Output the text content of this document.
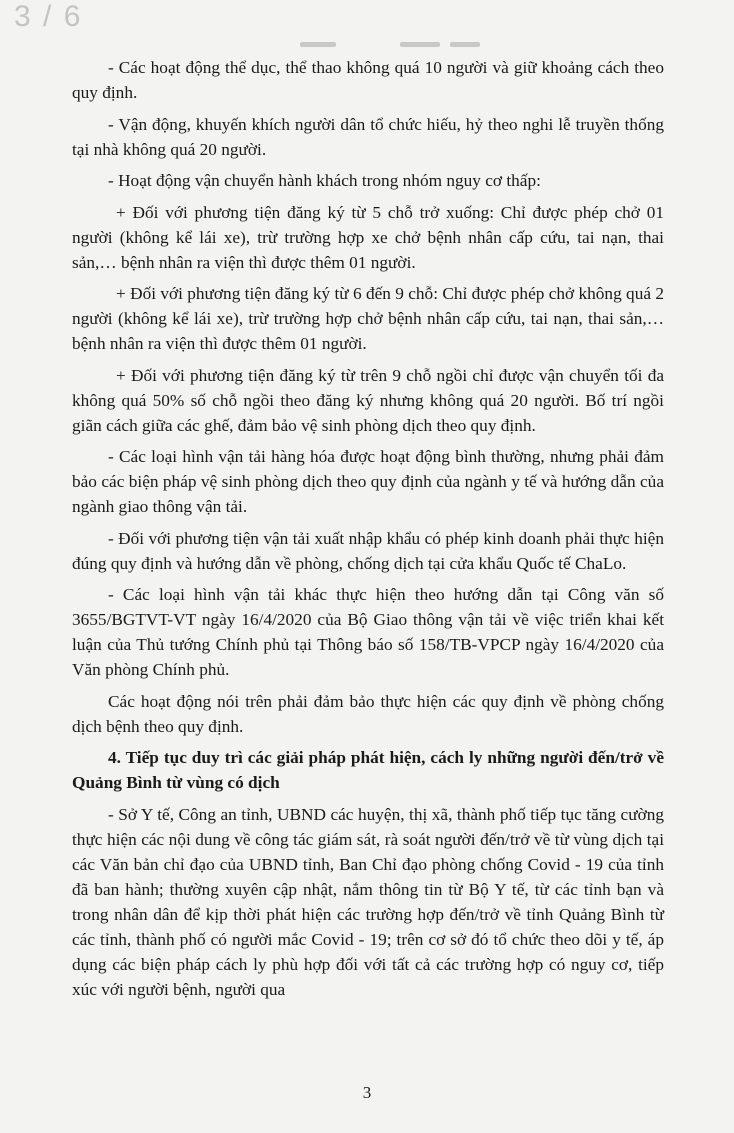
3 / 6

- Các hoạt động thể dục, thể thao không quá 10 người và giữ khoảng cách theo quy định.

- Vận động, khuyến khích người dân tổ chức hiếu, hỷ theo nghi lễ truyền thống tại nhà không quá 20 người.

- Hoạt động vận chuyển hành khách trong nhóm nguy cơ thấp:

+ Đối với phương tiện đăng ký từ 5 chỗ trở xuống: Chỉ được phép chở 01 người (không kể lái xe), trừ trường hợp xe chở bệnh nhân cấp cứu, tai nạn, thai sản,… bệnh nhân ra viện thì được thêm 01 người.

+ Đối với phương tiện đăng ký từ 6 đến 9 chỗ: Chỉ được phép chở không quá 2 người (không kể lái xe), trừ trường hợp chở bệnh nhân cấp cứu, tai nạn, thai sản,… bệnh nhân ra viện thì được thêm 01 người.

+ Đối với phương tiện đăng ký từ trên 9 chỗ ngồi chỉ được vận chuyển tối đa không quá 50% số chỗ ngồi theo đăng ký nhưng không quá 20 người. Bố trí ngồi giãn cách giữa các ghế, đảm bảo vệ sinh phòng dịch theo quy định.

- Các loại hình vận tải hàng hóa được hoạt động bình thường, nhưng phải đảm bảo các biện pháp vệ sinh phòng dịch theo quy định của ngành y tế và hướng dẫn của ngành giao thông vận tải.

- Đối với phương tiện vận tải xuất nhập khẩu có phép kinh doanh phải thực hiện đúng quy định và hướng dẫn về phòng, chống dịch tại cửa khẩu Quốc tế ChaLo.

- Các loại hình vận tải khác thực hiện theo hướng dẫn tại Công văn số 3655/BGTVT-VT ngày 16/4/2020 của Bộ Giao thông vận tải về việc triển khai kết luận của Thủ tướng Chính phủ tại Thông báo số 158/TB-VPCP ngày 16/4/2020 của Văn phòng Chính phủ.

Các hoạt động nói trên phải đảm bảo thực hiện các quy định về phòng chống dịch bệnh theo quy định.

4. Tiếp tục duy trì các giải pháp phát hiện, cách ly những người đến/trở về Quảng Bình từ vùng có dịch

- Sở Y tế, Công an tỉnh, UBND các huyện, thị xã, thành phố tiếp tục tăng cường thực hiện các nội dung về công tác giám sát, rà soát người đến/trở về từ vùng dịch tại các Văn bản chỉ đạo của UBND tỉnh, Ban Chỉ đạo phòng chống Covid - 19 của tỉnh đã ban hành; thường xuyên cập nhật, nắm thông tin từ Bộ Y tế, từ các tỉnh bạn và trong nhân dân để kịp thời phát hiện các trường hợp đến/trở về tỉnh Quảng Bình từ các tỉnh, thành phố có người mắc Covid - 19; trên cơ sở đó tổ chức theo dõi y tế, áp dụng các biện pháp cách ly phù hợp đối với tất cả các trường hợp có nguy cơ, tiếp xúc với người bệnh, người qua

3
